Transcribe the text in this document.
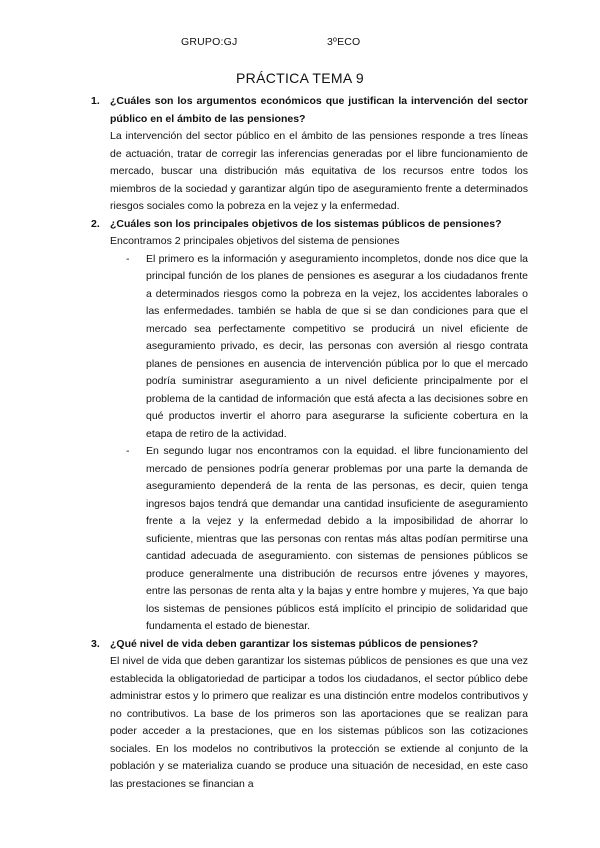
GRUPO:GJ	3ºECO
PRÁCTICA TEMA 9
1. ¿Cuáles son los argumentos económicos que justifican la intervención del sector público en el ámbito de las pensiones?
La intervención del sector público en el ámbito de las pensiones responde a tres líneas de actuación, tratar de corregir las inferencias generadas por el libre funcionamiento de mercado, buscar una distribución más equitativa de los recursos entre todos los miembros de la sociedad y garantizar algún tipo de aseguramiento frente a determinados riesgos sociales como la pobreza en la vejez y la enfermedad.
2. ¿Cuáles son los principales objetivos de los sistemas públicos de pensiones?
Encontramos 2 principales objetivos del sistema de pensiones
- El primero es la información y aseguramiento incompletos, donde nos dice que la principal función de los planes de pensiones es asegurar a los ciudadanos frente a determinados riesgos como la pobreza en la vejez, los accidentes laborales o las enfermedades. también se habla de que si se dan condiciones para que el mercado sea perfectamente competitivo se producirá un nivel eficiente de aseguramiento privado, es decir, las personas con aversión al riesgo contrata planes de pensiones en ausencia de intervención pública por lo que el mercado podría suministrar aseguramiento a un nivel deficiente principalmente por el problema de la cantidad de información que está afecta a las decisiones sobre en qué productos invertir el ahorro para asegurarse la suficiente cobertura en la etapa de retiro de la actividad.
- En segundo lugar nos encontramos con la equidad. el libre funcionamiento del mercado de pensiones podría generar problemas por una parte la demanda de aseguramiento dependerá de la renta de las personas, es decir, quien tenga ingresos bajos tendrá que demandar una cantidad insuficiente de aseguramiento frente a la vejez y la enfermedad debido a la imposibilidad de ahorrar lo suficiente, mientras que las personas con rentas más altas podían permitirse una cantidad adecuada de aseguramiento. con sistemas de pensiones públicos se produce generalmente una distribución de recursos entre jóvenes y mayores, entre las personas de renta alta y la bajas y entre hombre y mujeres, Ya que bajo los sistemas de pensiones públicos está implícito el principio de solidaridad que fundamenta el estado de bienestar.
3. ¿Qué nivel de vida deben garantizar los sistemas públicos de pensiones?
El nivel de vida que deben garantizar los sistemas públicos de pensiones es que una vez establecida la obligatoriedad de participar a todos los ciudadanos, el sector público debe administrar estos y lo primero que realizar es una distinción entre modelos contributivos y no contributivos. La base de los primeros son las aportaciones que se realizan para poder acceder a la prestaciones, que en los sistemas públicos son las cotizaciones sociales. En los modelos no contributivos la protección se extiende al conjunto de la población y se materializa cuando se produce una situación de necesidad, en este caso las prestaciones se financian a
